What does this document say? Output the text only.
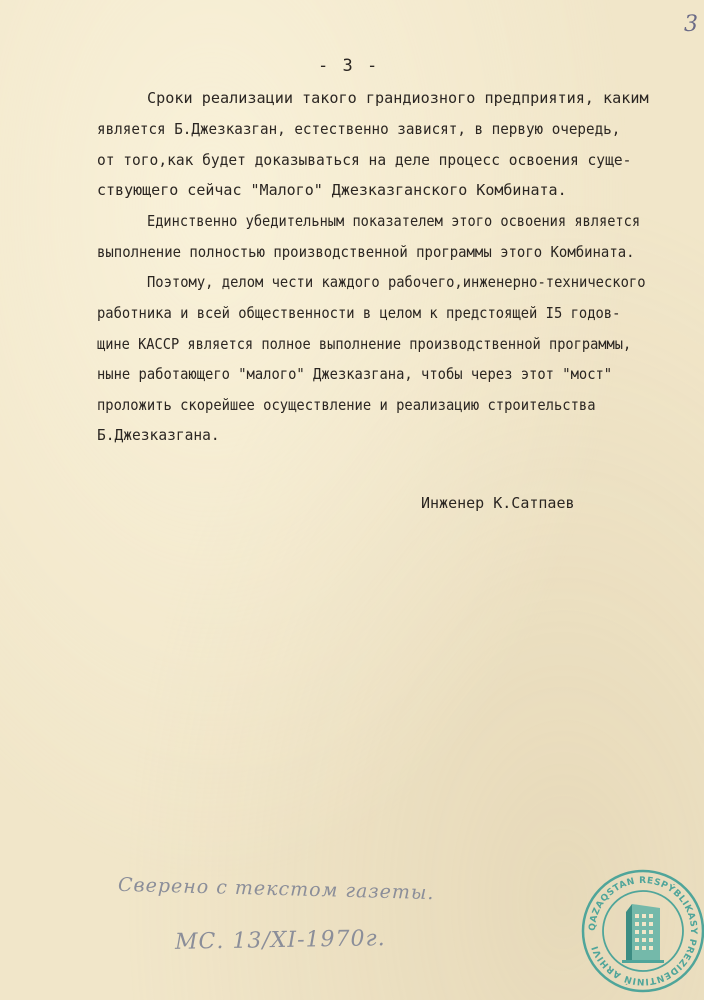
3
- 3 -
Сроки реализации такого грандиозного предприятия, каким
является Б.Джезказган, естественно зависят, в первую очередь,
от того,как будет доказываться на деле процесс освоения суще-
ствующего сейчас "Малого" Джезказганского Комбината.
Единственно убедительным показателем этого освоения является
выполнение полностью производственной программы этого Комбината.
Поэтому, делом чести каждого рабочего,инженерно-технического
работника и всей общественности в целом к предстоящей I5 годов-
щине КАССР является полное выполнение производственной программы,
ныне работающего "малого" Джезказгана, чтобы через этот "мост"
проложить скорейшее осуществление и реализацию строительства
Б.Джезказгана.
Инженер К.Сатпаев
Сверено с текстом газеты.
МС. 13/XI-1970г.	QAZAQSTAN RESPÝBLIKASY PREZIDENTINIŃ ARHIVI
